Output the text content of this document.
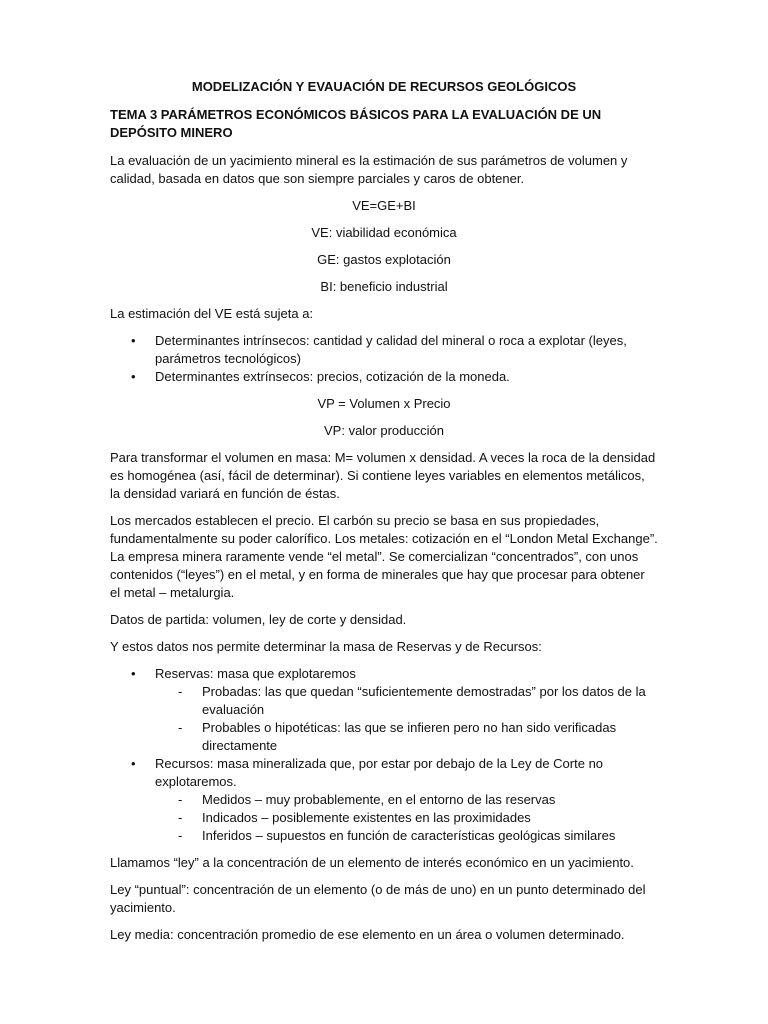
MODELIZACIÓN Y EVAUACIÓN DE RECURSOS GEOLÓGICOS
TEMA 3 PARÁMETROS ECONÓMICOS BÁSICOS PARA LA EVALUACIÓN DE UN DEPÓSITO MINERO

La evaluación de un yacimiento mineral es la estimación de sus parámetros de volumen y calidad, basada en datos que son siempre parciales y caros de obtener.

VE=GE+BI
VE: viabilidad económica
GE: gastos explotación
BI: beneficio industrial

La estimación del VE está sujeta a:

• Determinantes intrínsecos: cantidad y calidad del mineral o roca a explotar (leyes, parámetros tecnológicos)
• Determinantes extrínsecos: precios, cotización de la moneda.
VP = Volumen x Precio
VP: valor producción

Para transformar el volumen en masa: M= volumen x densidad. A veces la roca de la densidad es homogénea (así, fácil de determinar). Si contiene leyes variables en elementos metálicos, la densidad variará en función de éstas.

Los mercados establecen el precio. El carbón su precio se basa en sus propiedades, fundamentalmente su poder calorífico. Los metales: cotización en el “London Metal Exchange”. La empresa minera raramente vende “el metal”. Se comercializan “concentrados”, con unos contenidos (“leyes”) en el metal, y en forma de minerales que hay que procesar para obtener el metal – metalurgia.

Datos de partida: volumen, ley de corte y densidad.

Y estos datos nos permite determinar la masa de Reservas y de Recursos:

• Reservas: masa que explotaremos
- Probadas: las que quedan “suficientemente demostradas” por los datos de la evaluación
- Probables o hipotéticas: las que se infieren pero no han sido verificadas directamente
• Recursos: masa mineralizada que, por estar por debajo de la Ley de Corte no explotaremos.
- Medidos – muy probablemente, en el entorno de las reservas
- Indicados – posiblemente existentes en las proximidades
- Inferidos – supuestos en función de características geológicas similares

Llamamos “ley” a la concentración de un elemento de interés económico en un yacimiento.

Ley “puntual”: concentración de un elemento (o de más de uno) en un punto determinado del yacimiento.

Ley media: concentración promedio de ese elemento en un área o volumen determinado.
